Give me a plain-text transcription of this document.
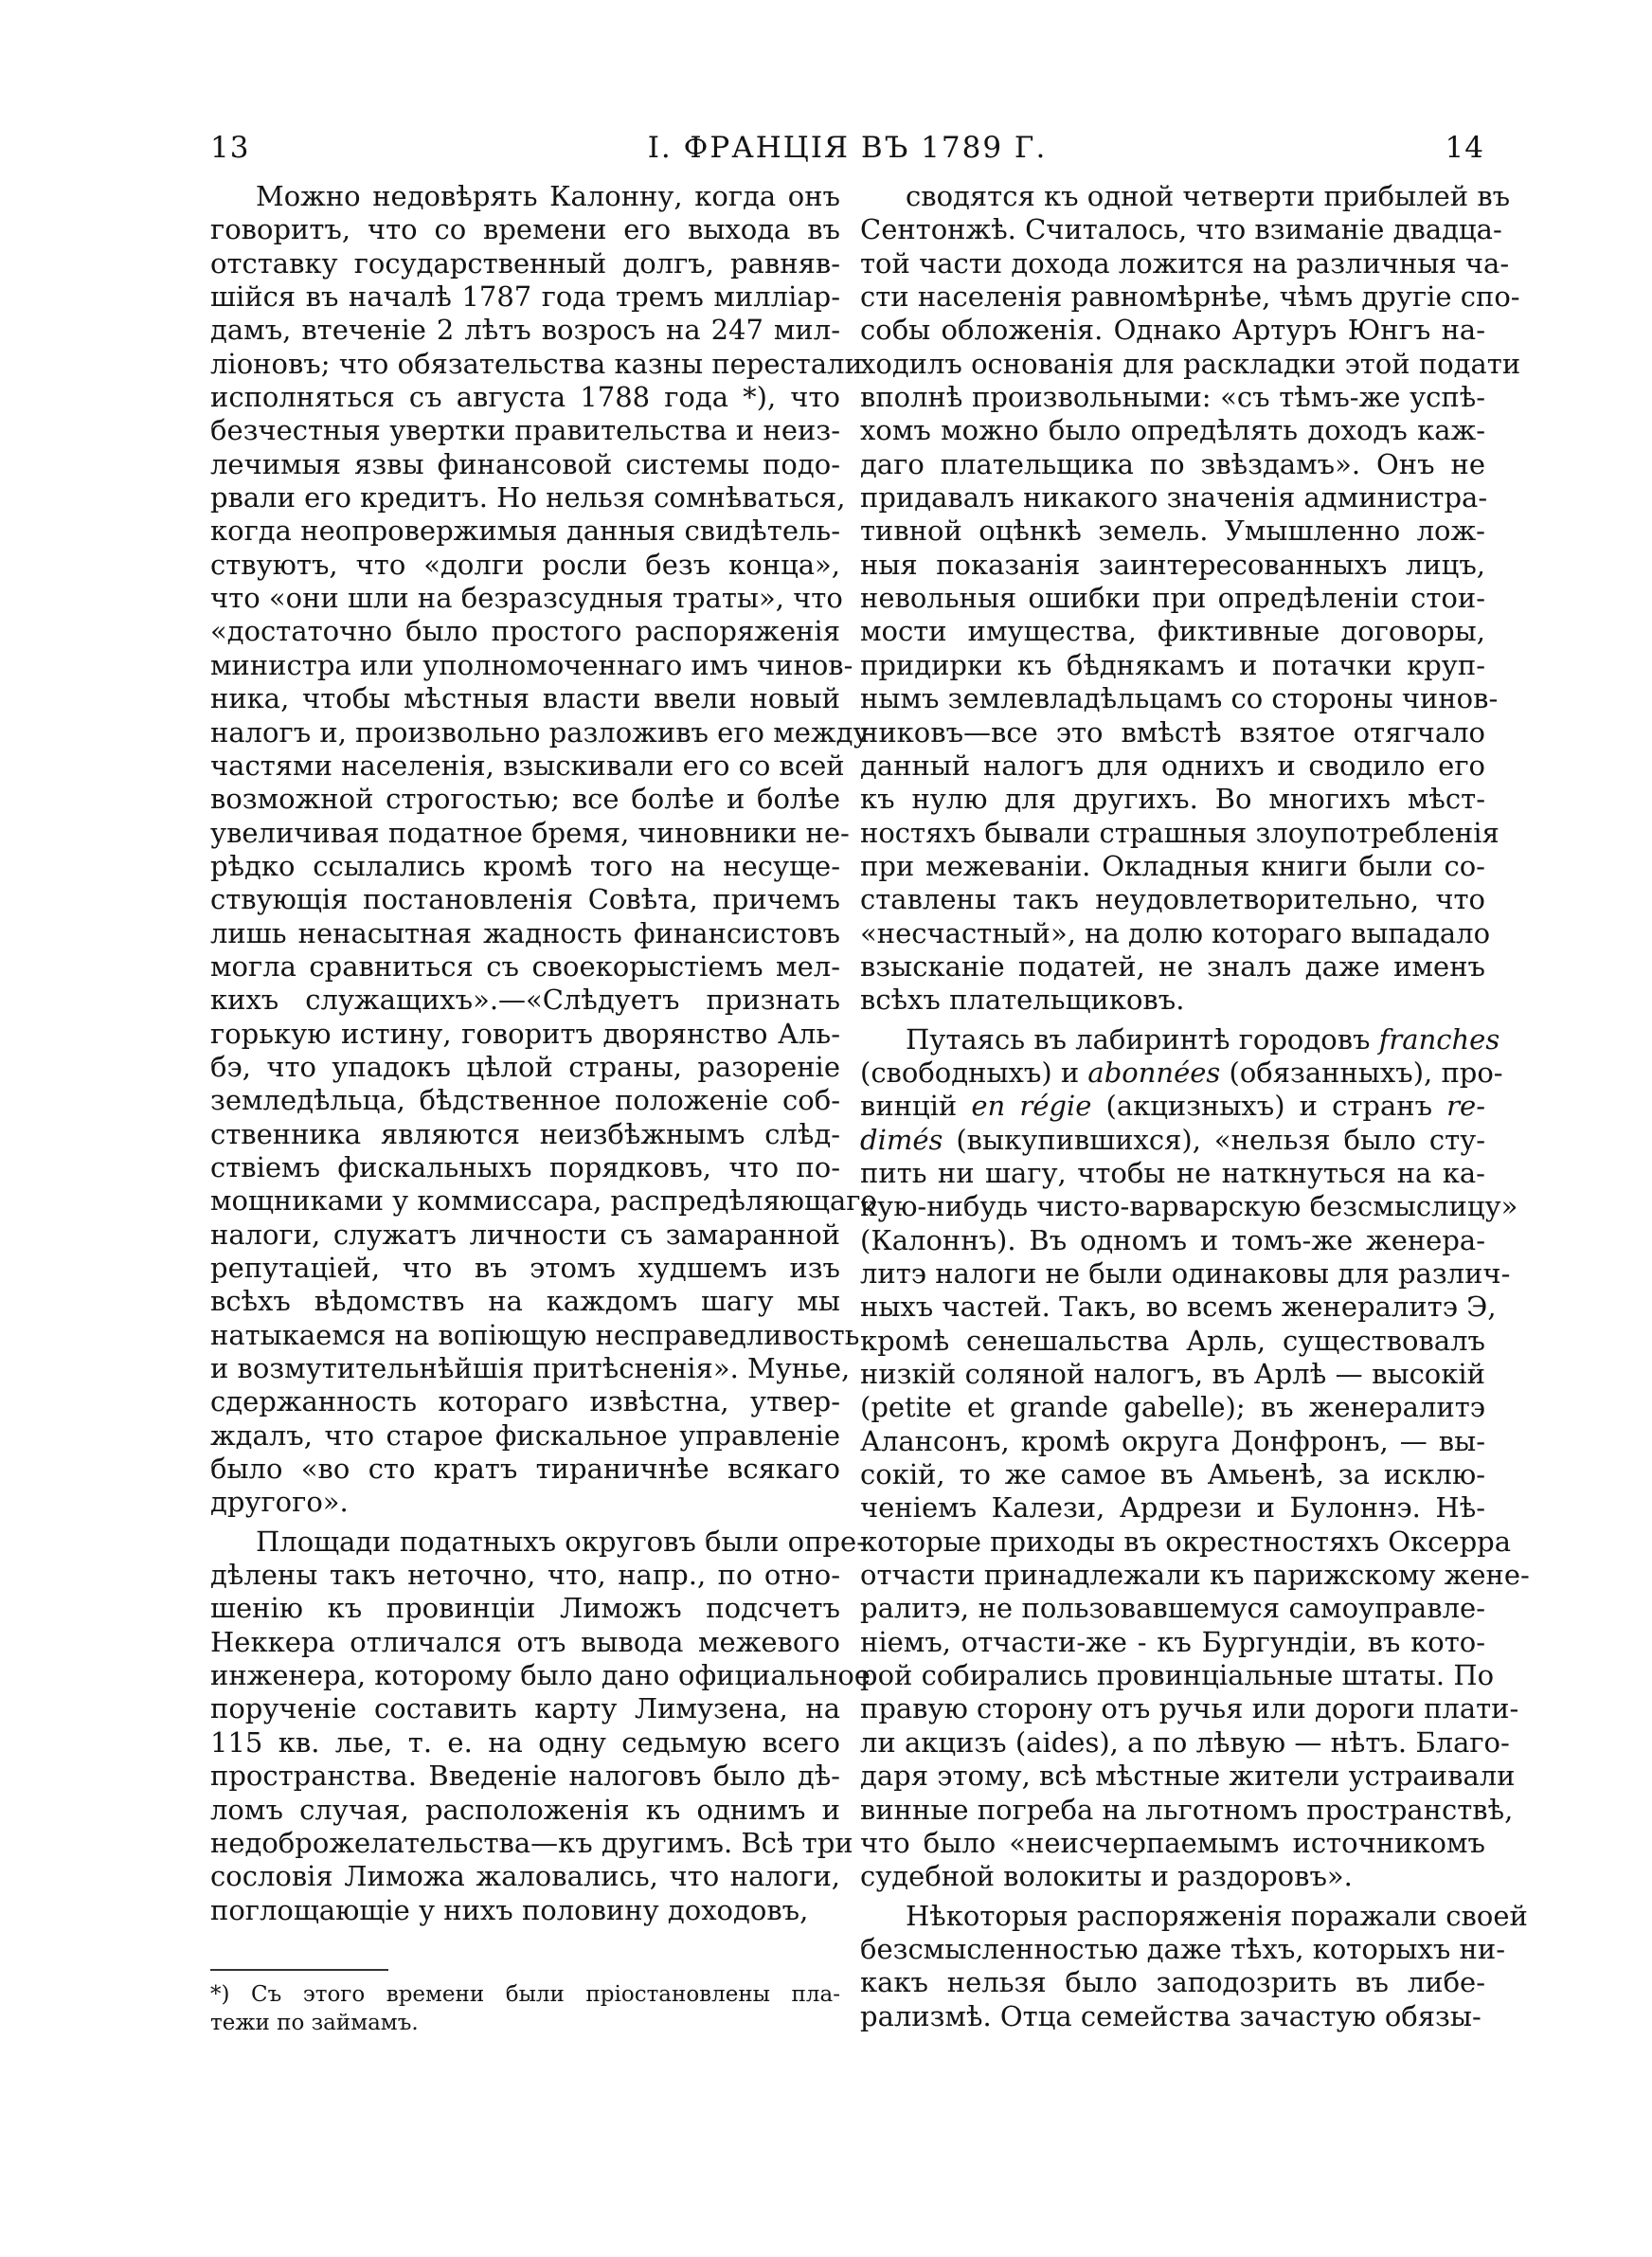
13	I. ФРАНЦIЯ ВЪ 1789 Г.	14
Можно недовѣрять Калонну, когда онъ
говоритъ, что со времени его выхода въ
отставку государственный долгъ, равняв-
шiйся въ началѣ 1787 года тремъ милліар-
дамъ, втеченіе 2 лѣтъ возросъ на 247 мил-
ліоновъ; что обязательства казны перестали
исполняться съ августа 1788 года *), что
безчестныя увертки правительства и неиз-
лечимыя язвы финансовой системы подо-
рвали его кредитъ. Но нельзя сомнѣваться,
когда неопровержимыя данныя свидѣтель-
ствуютъ, что «долги росли безъ конца»,
что «они шли на безразсудныя траты», что
«достаточно было простого распоряженія
министра или уполномоченнаго имъ чинов-
ника, чтобы мѣстныя власти ввели новый
налогъ и, произвольно разложивъ его между
частями населенія, взыскивали его со всей
возможной строгостью; все болѣе и болѣе
увеличивая податное бремя, чиновники не-
рѣдко ссылались кромѣ того на несуще-
ствующія постановленія Совѣта, причемъ
лишь ненасытная жадность финансистовъ
могла сравниться съ своекорыстіемъ мел-
кихъ служащихъ».—«Слѣдуетъ признать
горькую истину, говоритъ дворянство Аль-
бэ, что упадокъ цѣлой страны, разореніе
земледѣльца, бѣдственное положеніе соб-
ственника являются неизбѣжнымъ слѣд-
ствіемъ фискальныхъ порядковъ, что по-
мощниками у коммиссара, распредѣляющаго
налоги, служатъ личности съ замаранной
репутаціей, что въ этомъ худшемъ изъ
всѣхъ вѣдомствъ на каждомъ шагу мы
натыкаемся на вопіющую несправедливость
и возмутительнѣйшія притѣсненія». Мунье,
сдержанность котораго извѣстна, утвер-
ждалъ, что старое фискальное управленіе
было «во сто кратъ тираничнѣе всякаго
другого».
Площади податныхъ округовъ были опре-
дѣлены такъ неточно, что, напр., по отно-
шенію къ провинціи Лиможъ подсчетъ
Неккера отличался отъ вывода межевого
инженера, которому было дано официальное
порученіе составить карту Лимузена, на
115 кв. лье, т. е. на одну седьмую всего
пространства. Введеніе налоговъ было дѣ-
ломъ случая, расположенія къ однимъ и
недоброжелательства—къ другимъ. Всѣ три
сословія Лиможа жаловались, что налоги,
поглощающіе у нихъ половину доходовъ,
*) Съ этого времени были пріостановлены пла-
тежи по займамъ.
сводятся къ одной четверти прибылей въ
Сентонжѣ. Считалось, что взиманіе двадца-
той части дохода ложится на различныя ча-
сти населенія равномѣрнѣе, чѣмъ другіе спо-
собы обложенія. Однако Артуръ Юнгъ на-
ходилъ основанія для раскладки этой подати
вполнѣ произвольными: «съ тѣмъ-же успѣ-
хомъ можно было опредѣлять доходъ каж-
даго плательщика по звѣздамъ». Онъ не
придавалъ никакого значенія администра-
тивной оцѣнкѣ земель. Умышленно лож-
ныя показанія заинтересованныхъ лицъ,
невольныя ошибки при опредѣленіи стои-
мости имущества, фиктивные договоры,
придирки къ бѣднякамъ и потачки круп-
нымъ землевладѣльцамъ со стороны чинов-
никовъ—все это вмѣстѣ взятое отягчало
данный налогъ для однихъ и сводило его
къ нулю для другихъ. Во многихъ мѣст-
ностяхъ бывали страшныя злоупотребленія
при межеваніи. Окладныя книги были со-
ставлены такъ неудовлетворительно, что
«несчастный», на долю котораго выпадало
взысканіе податей, не зналъ даже именъ
всѣхъ плательщиковъ.
Путаясь въ лабиринтѣ городовъ franches
(свободныхъ) и abonnées (обязанныхъ), про-
винцій en régie (акцизныхъ) и странъ re-
dimés (выкупившихся), «нельзя было сту-
пить ни шагу, чтобы не наткнуться на ка-
кую-нибудь чисто-варварскую безсмыслицу»
(Калоннъ). Въ одномъ и томъ-же женера-
литэ налоги не были одинаковы для различ-
ныхъ частей. Такъ, во всемъ женералитэ Э,
кромѣ сенешальства Арль, существовалъ
низкій соляной налогъ, въ Арлѣ — высокій
(petite et grande gabelle); въ женералитэ
Алансонъ, кромѣ округа Донфронъ, — вы-
сокій, то же самое въ Амьенѣ, за исклю-
ченіемъ Калези, Ардрези и Булоннэ. Нѣ-
которые приходы въ окрестностяхъ Оксерра
отчасти принадлежали къ парижскому жене-
ралитэ, не пользовавшемуся самоуправле-
ніемъ, отчасти-же - къ Бургундіи, въ кото-
рой собирались провинціальные штаты. По
правую сторону отъ ручья или дороги плати-
ли акцизъ (aides), а по лѣвую — нѣтъ. Благо-
даря этому, всѣ мѣстные жители устраивали
винные погреба на льготномъ пространствѣ,
что было «неисчерпаемымъ источникомъ
судебной волокиты и раздоровъ».
Нѣкоторыя распоряженія поражали своей
безсмысленностью даже тѣхъ, которыхъ ни-
какъ нельзя было заподозрить въ либе-
рализмѣ. Отца семейства зачастую обязы-
